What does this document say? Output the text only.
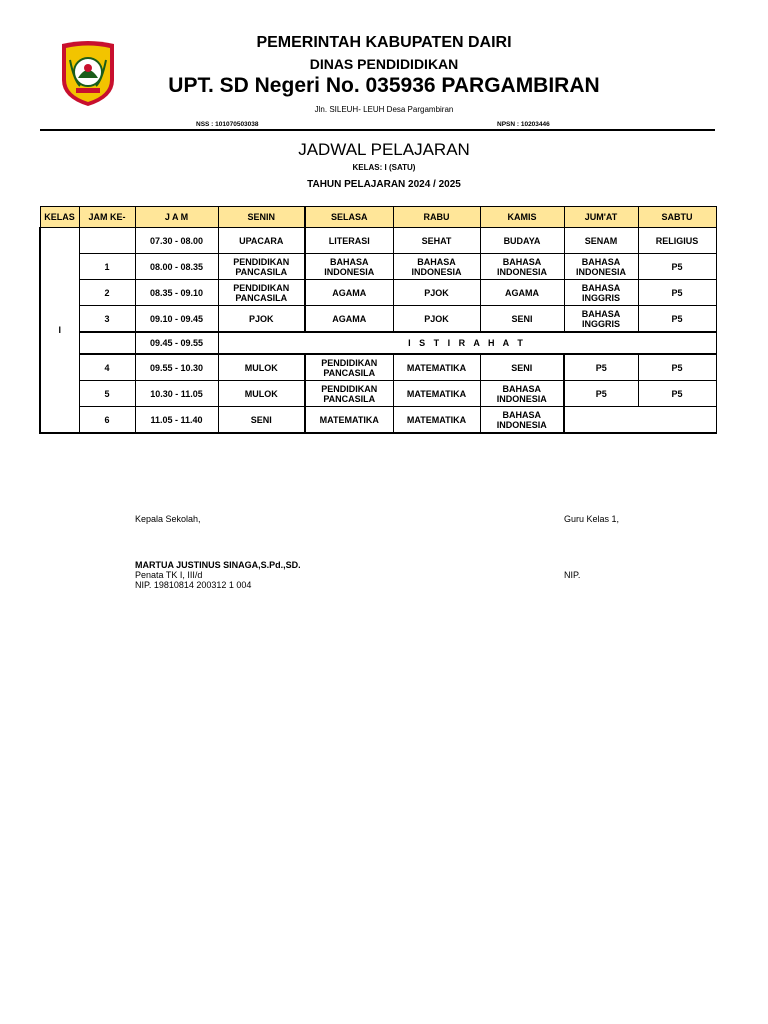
PEMERINTAH KABUPATEN DAIRI
DINAS PENDIDIDIKAN
UPT. SD Negeri No. 035936 PARGAMBIRAN
Jln. SILEUH- LEUH Desa Pargambiran
NSS : 101070503038	NPSN : 10203446
JADWAL PELAJARAN
KELAS: I (SATU)
TAHUN PELAJARAN 2024 / 2025
KELAS	JAM KE-	J A M	SENIN	SELASA	RABU	KAMIS	JUM'AT	SABTU
I		07.30 - 08.00	UPACARA	LITERASI	SEHAT	BUDAYA	SENAM	RELIGIUS
	1	08.00 - 08.35	PENDIDIKAN PANCASILA	BAHASA INDONESIA	BAHASA INDONESIA	BAHASA INDONESIA	BAHASA INDONESIA	P5
	2	08.35 - 09.10	PENDIDIKAN PANCASILA	AGAMA	PJOK	AGAMA	BAHASA INGGRIS	P5
	3	09.10 - 09.45	PJOK	AGAMA	PJOK	SENI	BAHASA INGGRIS	P5
		09.45 - 09.55	I S T I R A H A T					
	4	09.55 - 10.30	MULOK	PENDIDIKAN PANCASILA	MATEMATIKA	SENI	P5	P5
	5	10.30 - 11.05	MULOK	PENDIDIKAN PANCASILA	MATEMATIKA	BAHASA INDONESIA	P5	P5
	6	11.05 - 11.40	SENI	MATEMATIKA	MATEMATIKA	BAHASA INDONESIA		
Kepala Sekolah,
MARTUA JUSTINUS SINAGA,S.Pd.,SD.
Penata TK I, III/d
NIP. 19810814 200312 1 004
Guru Kelas 1,
NIP.
